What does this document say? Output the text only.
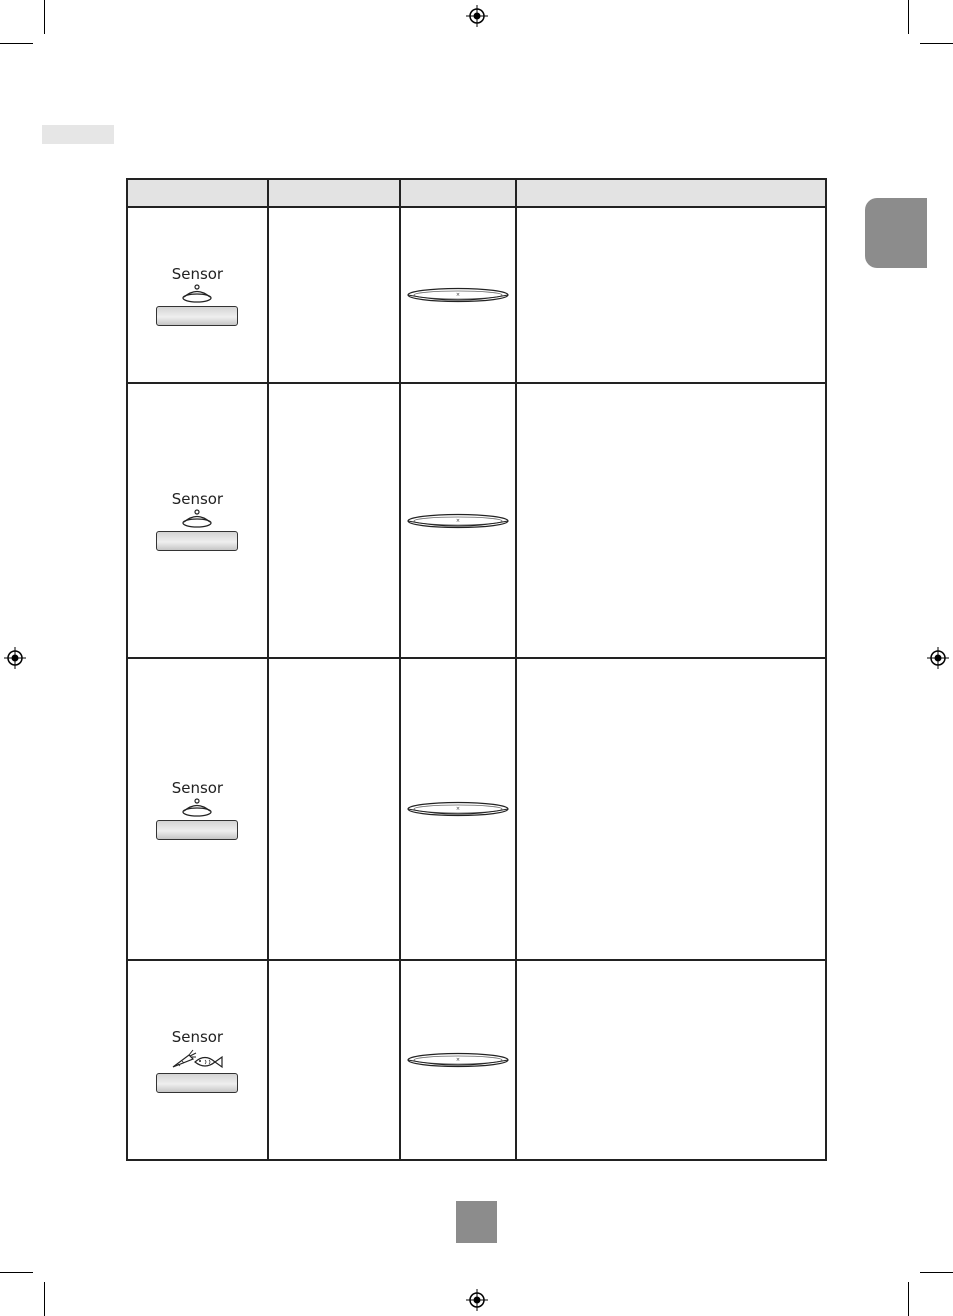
Sensor		×	

Sensor		×	

Sensor		×	

Sensor		×	
